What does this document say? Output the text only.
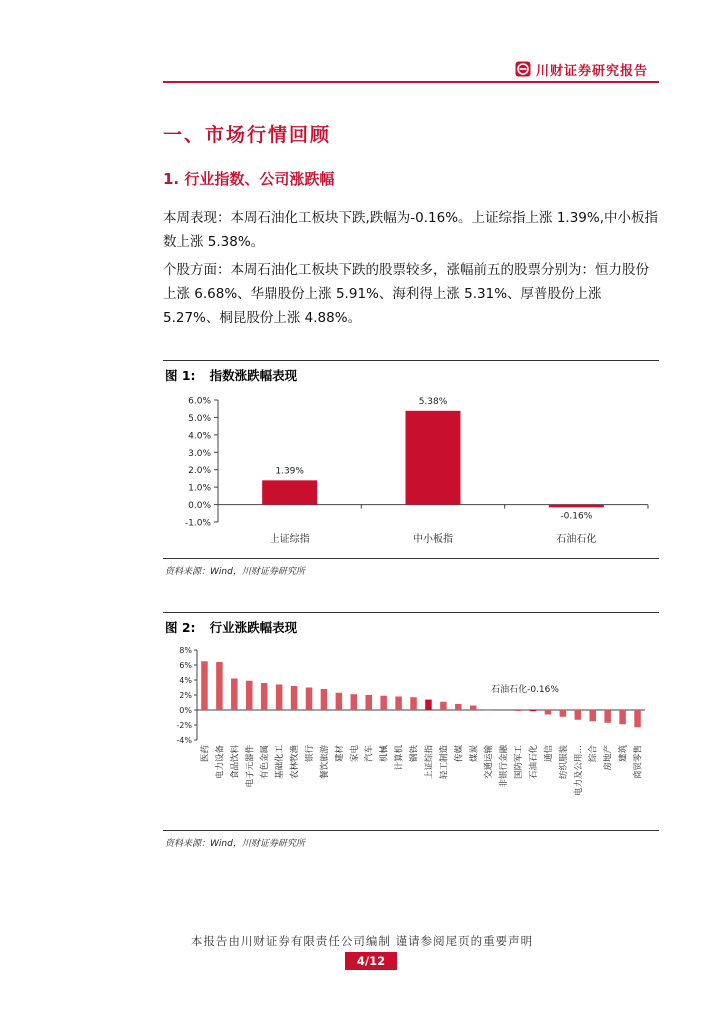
川财证券研究报告
一、市场行情回顾
1. 行业指数、公司涨跌幅
本周表现：本周石油化工板块下跌,跌幅为-0.16%。上证综指上涨 1.39%,中小板指数上涨 5.38%。
个股方面：本周石油化工板块下跌的股票较多，涨幅前五的股票分别为：恒力股份上涨 6.68%、华鼎股份上涨 5.91%、海利得上涨 5.31%、厚普股份上涨 5.27%、桐昆股份上涨 4.88%。
图 1: 指数涨跌幅表现
6.0%
5.0%
4.0%
3.0%
2.0%
1.0%
0.0%
-1.0%
1.39%
上证综指
5.38%
中小板指
-0.16%
石油石化
资料来源：Wind，川财证券研究所
图 2: 行业涨跌幅表现
8%
6%
4%
2%
0%
-2%
-4%
医药 电力设备 食品饮料 电子元器件 有色金属 基础化工 农林牧渔 银行 餐饮旅游 建材 家电 汽车 机械 计算机 钢铁 上证综指 轻工制造 传媒 煤炭 交通运输 非银行金融 国防军工 石油石化 通信 纺织服装 电力及公用… 综合 房地产 建筑 商贸零售
石油石化-0.16%
资料来源：Wind，川财证券研究所
本报告由川财证券有限责任公司编制 谨请参阅尾页的重要声明
4/12
